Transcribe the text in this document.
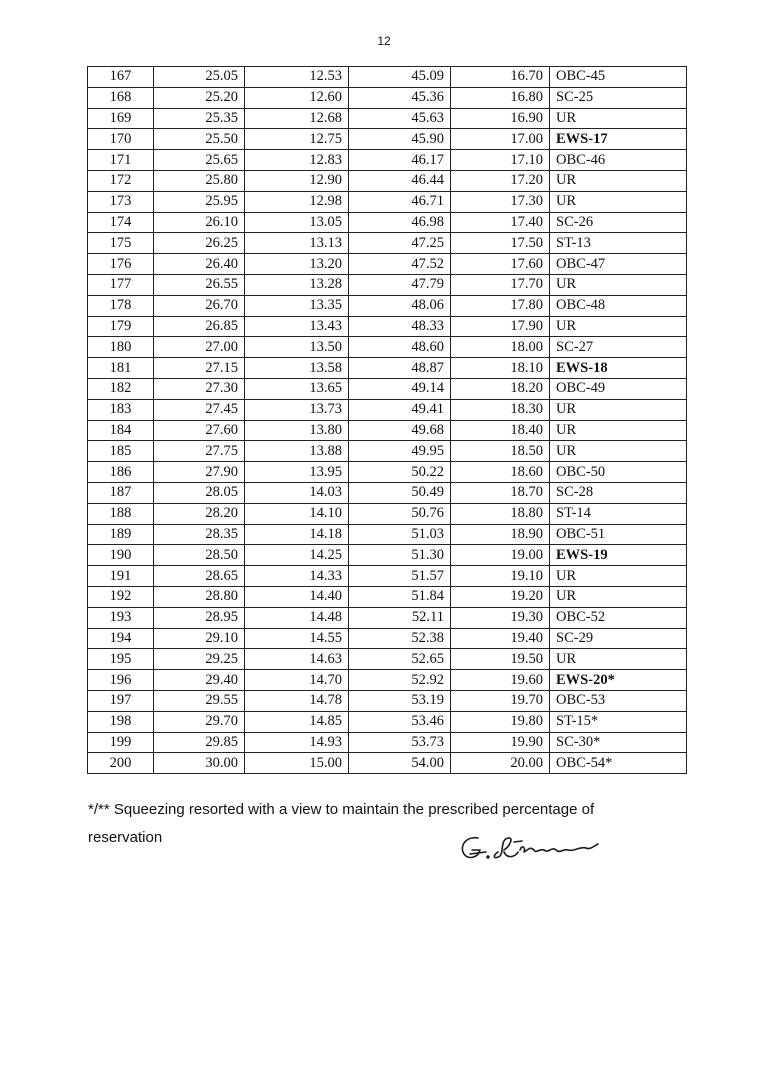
12
167	25.05	12.53	45.09	16.70	OBC-45
168	25.20	12.60	45.36	16.80	SC-25
169	25.35	12.68	45.63	16.90	UR
170	25.50	12.75	45.90	17.00	EWS-17
171	25.65	12.83	46.17	17.10	OBC-46
172	25.80	12.90	46.44	17.20	UR
173	25.95	12.98	46.71	17.30	UR
174	26.10	13.05	46.98	17.40	SC-26
175	26.25	13.13	47.25	17.50	ST-13
176	26.40	13.20	47.52	17.60	OBC-47
177	26.55	13.28	47.79	17.70	UR
178	26.70	13.35	48.06	17.80	OBC-48
179	26.85	13.43	48.33	17.90	UR
180	27.00	13.50	48.60	18.00	SC-27
181	27.15	13.58	48.87	18.10	EWS-18
182	27.30	13.65	49.14	18.20	OBC-49
183	27.45	13.73	49.41	18.30	UR
184	27.60	13.80	49.68	18.40	UR
185	27.75	13.88	49.95	18.50	UR
186	27.90	13.95	50.22	18.60	OBC-50
187	28.05	14.03	50.49	18.70	SC-28
188	28.20	14.10	50.76	18.80	ST-14
189	28.35	14.18	51.03	18.90	OBC-51
190	28.50	14.25	51.30	19.00	EWS-19
191	28.65	14.33	51.57	19.10	UR
192	28.80	14.40	51.84	19.20	UR
193	28.95	14.48	52.11	19.30	OBC-52
194	29.10	14.55	52.38	19.40	SC-29
195	29.25	14.63	52.65	19.50	UR
196	29.40	14.70	52.92	19.60	EWS-20*
197	29.55	14.78	53.19	19.70	OBC-53
198	29.70	14.85	53.46	19.80	ST-15*
199	29.85	14.93	53.73	19.90	SC-30*
200	30.00	15.00	54.00	20.00	OBC-54*
*/** Squeezing resorted with a view to maintain the prescribed percentage of reservation
